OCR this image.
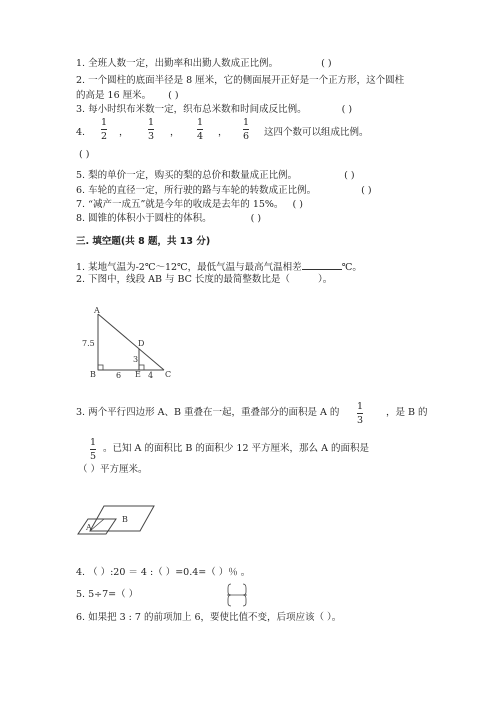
1. 全班人数一定，出勤率和出勤人数成正比例。	( )
2. 一个圆柱的底面半径是 8 厘米，它的侧面展开正好是一个正方形，这个圆柱
的高是 16 厘米。 ( )
3. 每小时织布米数一定，织布总米数和时间成反比例。	( )
4.
1
2 ，
1
3 ，
1
4 ，
1
6 这四个数可以组成比例。
( )
5. 梨的单价一定，购买的梨的总价和数量成正比例。	( )
6. 车轮的直径一定，所行驶的路与车轮的转数成正比例。	( )
7. “减产一成五”就是今年的收成是去年的 15%。 ( )
8. 圆锥的体积小于圆柱的体积。	( )
三. 填空题(共 8 题，共 13 分)
1. 某地气温为-2℃～12℃，最低气温与最高气温相差	℃。
2. 下图中，线段 AB 与 BC 长度的最简整数比是（	）。
A
B	C
D
E
7.5
3
6	4
3. 两个平行四边形 A、B 重叠在一起，重叠部分的面积是 A 的
1
3
，是 B 的
1
5
。已知 A 的面积比 B 的面积少 12 平方厘米，那么 A 的面积是
（ ）平方厘米。
A
B
4. （ ）:20 ＝ 4 :（ ）=0.4=（ ）％ 。
5. 5÷7=（ ）
6. 如果把 3 : 7 的前项加上 6，要使比值不变，后项应该（ ）。
